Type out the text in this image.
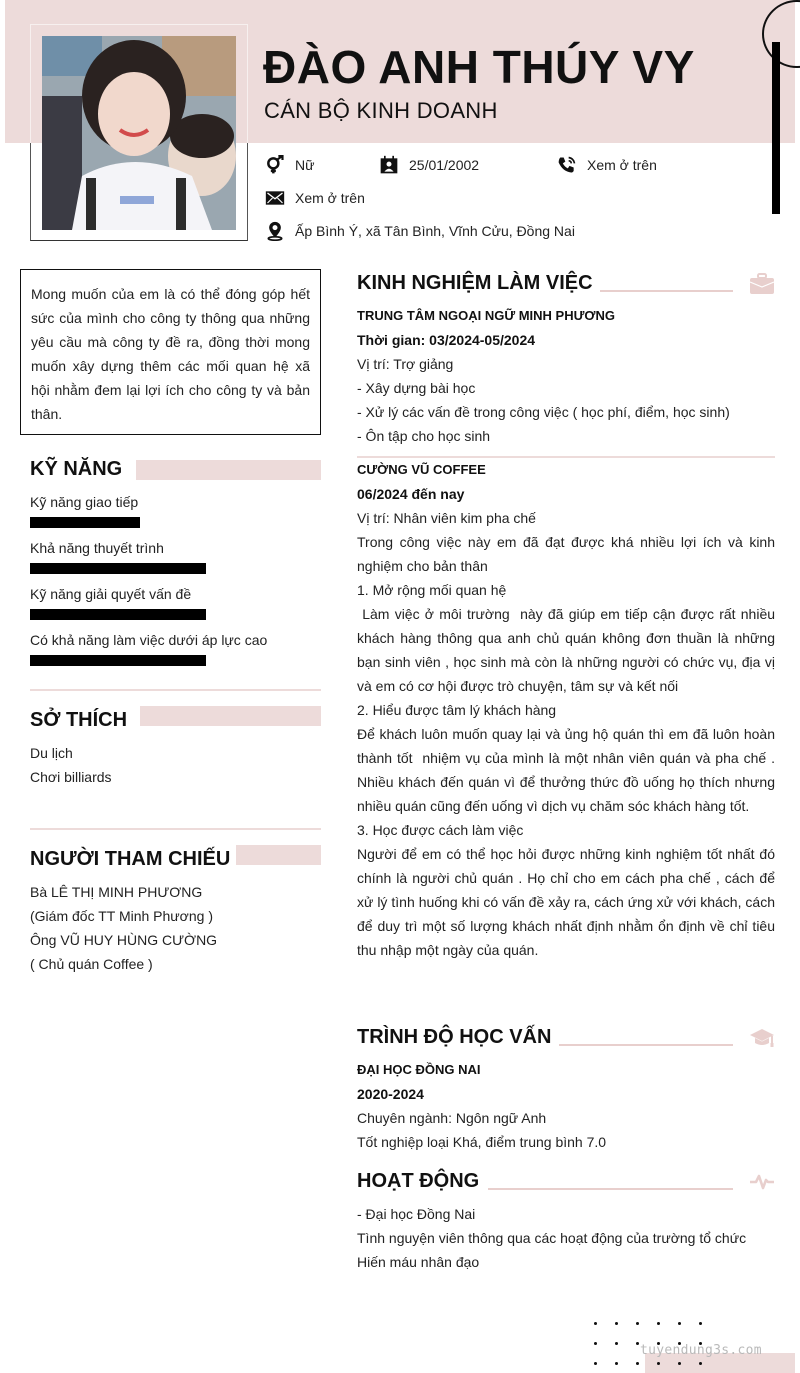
ĐÀO ANH THÚY VY
CÁN BỘ KINH DOANH
Nữ	25/01/2002	Xem ở trên
Xem ở trên
Ấp Bình Ý, xã Tân Bình, Vĩnh Cửu, Đồng Nai
Mong muốn của em là có thể đóng góp hết sức của mình cho công ty thông qua những yêu cầu mà công ty đề ra, đồng thời mong muốn xây dựng thêm các mối quan hệ xã hội nhằm đem lại lợi ích cho công ty và bản thân.
KỸ NĂNG
Kỹ năng giao tiếp
Khả năng thuyết trình
Kỹ năng giải quyết vấn đề
Có khả năng làm việc dưới áp lực cao
SỞ THÍCH
Du lịch
Chơi billiards
NGƯỜI THAM CHIẾU
Bà LÊ THỊ MINH PHƯƠNG
(Giám đốc TT Minh Phương )
Ông VŨ HUY HÙNG CƯỜNG
( Chủ quán Coffee )
KINH NGHIỆM LÀM VIỆC
TRUNG TÂM NGOẠI NGỮ MINH PHƯƠNG
Thời gian: 03/2024-05/2024
Vị trí: Trợ giảng
- Xây dựng bài học
- Xử lý các vấn đề trong công việc ( học phí, điểm, học sinh)
- Ôn tập cho học sinh
CƯỜNG VŨ COFFEE
06/2024 đến nay
Vị trí: Nhân viên kim pha chế
Trong công việc này em đã đạt được khá nhiều lợi ích và kinh nghiệm cho bản thân
1. Mở rộng mối quan hệ
Làm việc ở môi trường  này đã giúp em tiếp cận được rất nhiều khách hàng thông qua anh chủ quán không đơn thuần là những bạn sinh viên , học sinh mà còn là những người có chức vụ, địa vị và em có cơ hội được trò chuyện, tâm sự và kết nối
2. Hiểu được tâm lý khách hàng
Để khách luôn muốn quay lại và ủng hộ quán thì em đã luôn hoàn thành tốt  nhiệm vụ của mình là một nhân viên quán và pha chế . Nhiều khách đến quán vì để thưởng thức đồ uống họ thích nhưng nhiều quán cũng đến uống vì dịch vụ chăm sóc khách hàng tốt.
3. Học được cách làm việc
Người để em có thể học hỏi được những kinh nghiệm tốt nhất đó chính là người chủ quán . Họ chỉ cho em cách pha chế , cách để xử lý tình huống khi có vấn đề xảy ra, cách ứng xử với khách, cách để duy trì một số lượng khách nhất định nhằm ổn định về chỉ tiêu thu nhập một ngày của quán.
TRÌNH ĐỘ HỌC VẤN
ĐẠI HỌC ĐỒNG NAI
2020-2024
Chuyên ngành: Ngôn ngữ Anh
Tốt nghiệp loại Khá, điểm trung bình 7.0
HOẠT ĐỘNG
- Đại học Đồng Nai
Tình nguyện viên thông qua các hoạt động của trường tổ chức
Hiến máu nhân đạo
tuyendung3s.com
